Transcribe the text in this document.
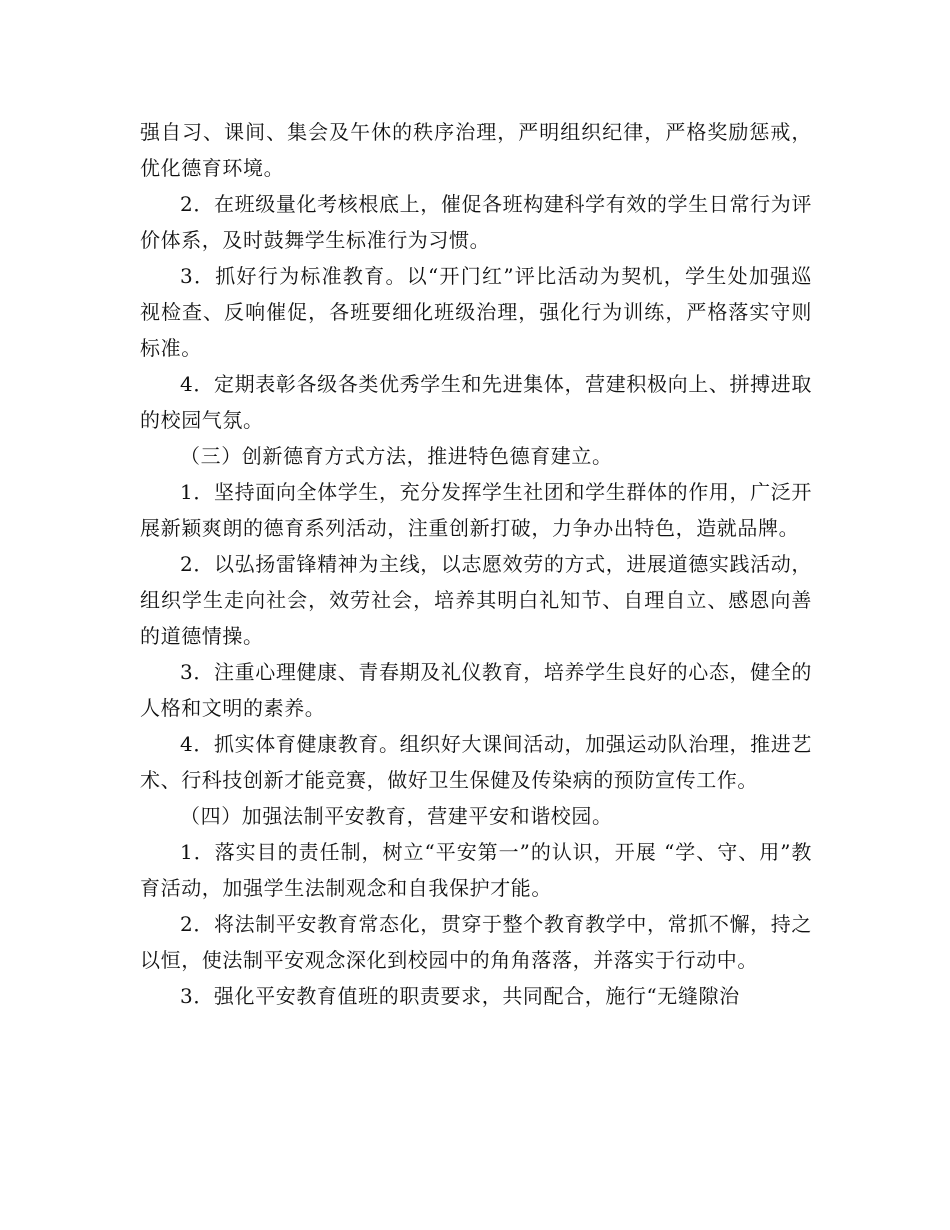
强自习、课间、集会及午休的秩序治理，严明组织纪律，严格奖励惩戒，优化德育环境。

2．在班级量化考核根底上，催促各班构建科学有效的学生日常行为评价体系，及时鼓舞学生标准行为习惯。

3．抓好行为标准教育。以“开门红”评比活动为契机，学生处加强巡视检查、反响催促，各班要细化班级治理，强化行为训练，严格落实守则标准。

4．定期表彰各级各类优秀学生和先进集体，营建积极向上、拼搏进取的校园气氛。

（三）创新德育方式方法，推进特色德育建立。

1．坚持面向全体学生，充分发挥学生社团和学生群体的作用，广泛开展新颖爽朗的德育系列活动，注重创新打破，力争办出特色，造就品牌。

2．以弘扬雷锋精神为主线，以志愿效劳的方式，进展道德实践活动，组织学生走向社会，效劳社会，培养其明白礼知节、自理自立、感恩向善的道德情操。

3．注重心理健康、青春期及礼仪教育，培养学生良好的心态，健全的人格和文明的素养。

4．抓实体育健康教育。组织好大课间活动，加强运动队治理，推进艺术、行科技创新才能竞赛，做好卫生保健及传染病的预防宣传工作。

（四）加强法制平安教育，营建平安和谐校园。

1．落实目的责任制，树立“平安第一”的认识，开展 “学、守、用”教育活动，加强学生法制观念和自我保护才能。

2．将法制平安教育常态化，贯穿于整个教育教学中，常抓不懈，持之以恒，使法制平安观念深化到校园中的角角落落，并落实于行动中。

3．强化平安教育值班的职责要求，共同配合，施行“无缝隙治
